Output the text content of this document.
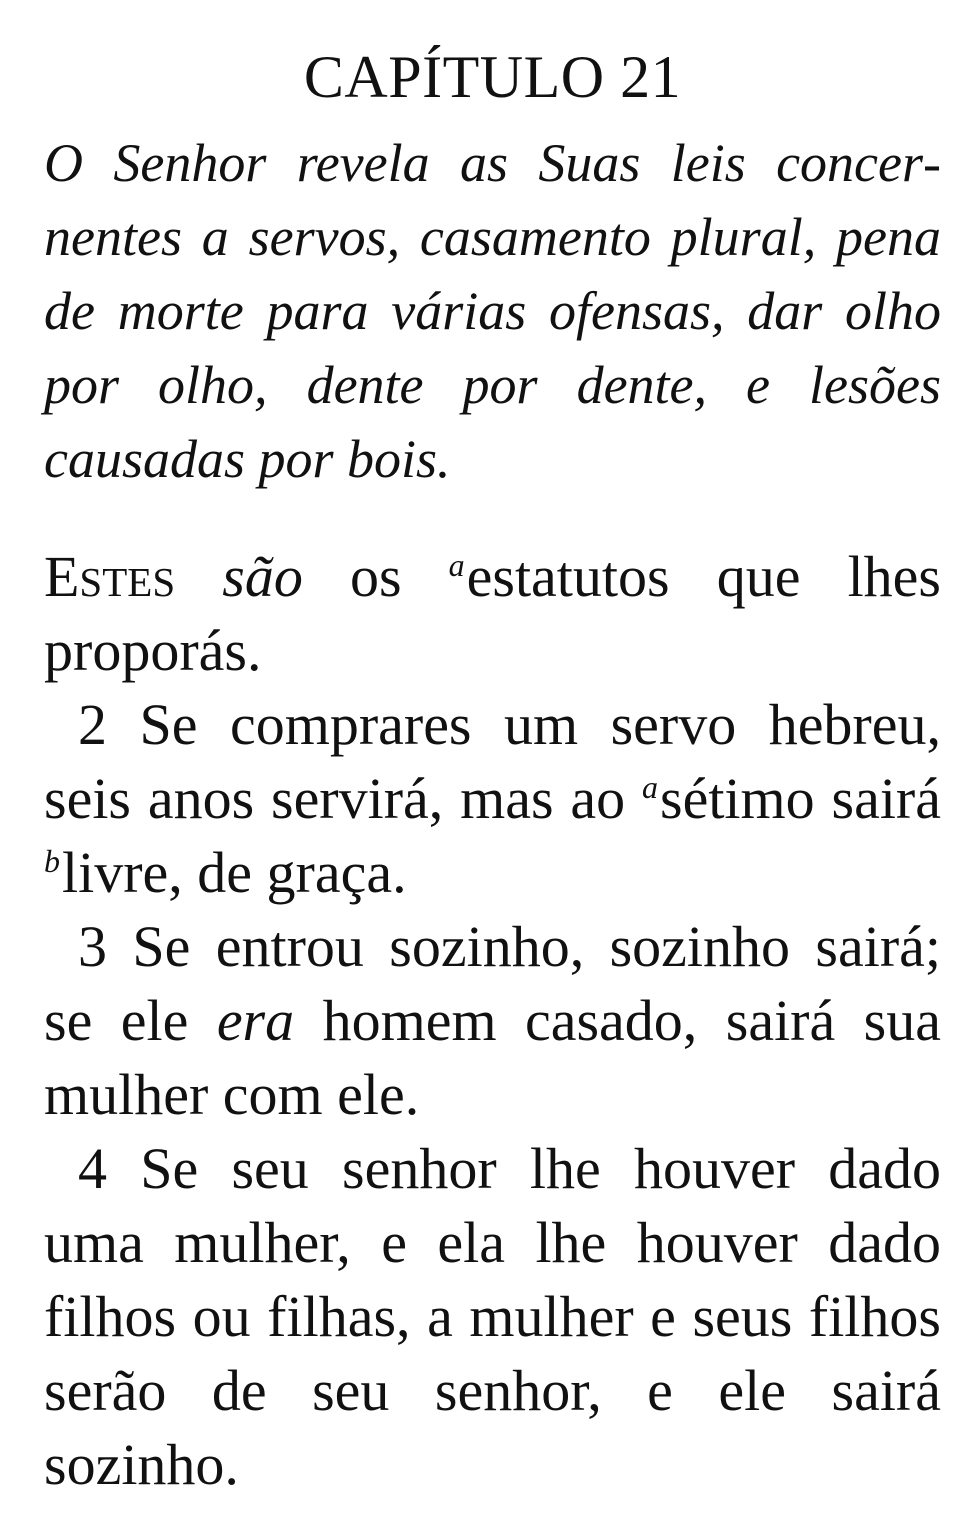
CAPÍTULO 21

O Senhor revela as Suas leis concernentes a servos, casamento plural, pena de morte para várias ofensas, dar olho por olho, dente por dente, e lesões causadas por bois.

Estes são os $^a$estatutos que lhes proporás.

2 Se comprares um servo hebreu, seis anos servirá, mas ao $^a$sétimo sairá $^b$livre, de graça.

3 Se entrou sozinho, sozinho sairá; se ele era homem casado, sairá sua mulher com ele.

4 Se seu senhor lhe houver dado uma mulher, e ela lhe houver dado filhos ou filhas, a mulher e seus filhos serão de seu senhor, e ele sairá sozinho.
